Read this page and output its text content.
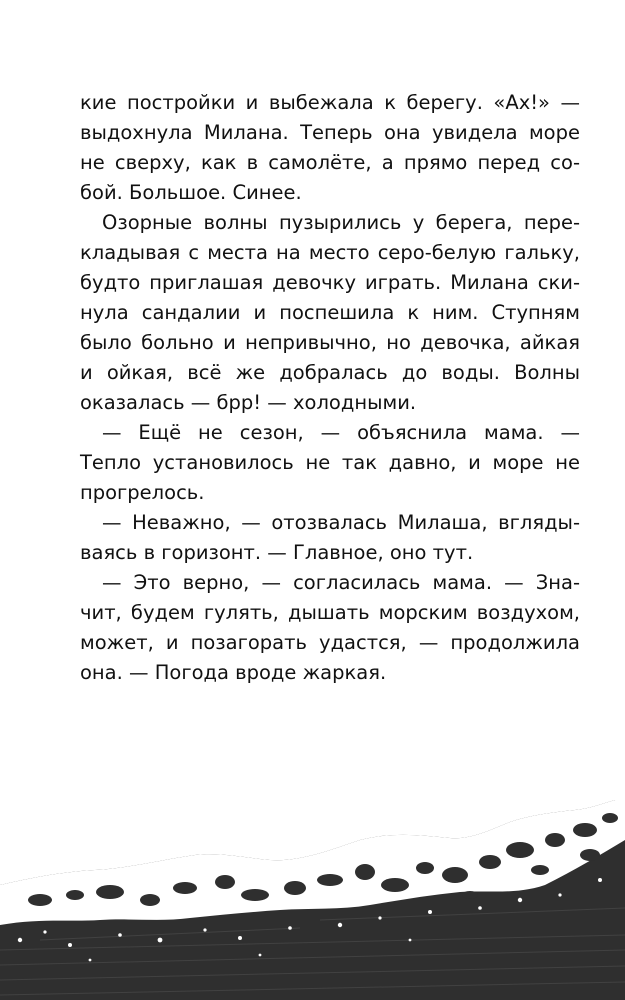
кие постройки и выбежала к берегу. «Ах!» —
выдохнула Милана. Теперь она увидела море
не сверху, как в самолёте, а прямо перед со-
бой. Большое. Синее.
Озорные волны пузырились у берега, пере-
кладывая с места на место серо-белую гальку,
будто приглашая девочку играть. Милана ски-
нула сандалии и поспешила к ним. Ступням
было больно и непривычно, но девочка, айкая
и ойкая, всё же добралась до воды. Волны
оказалась — брр! — холодными.
— Ещё не сезон, — объяснила мама. —
Тепло установилось не так давно, и море не
прогрелось.
— Неважно, — отозвалась Милаша, вгляды-
ваясь в горизонт. — Главное, оно тут.
— Это верно, — согласилась мама. — Зна-
чит, будем гулять, дышать морским воздухом,
может, и позагорать удастся, — продолжила
она. — Погода вроде жаркая.
